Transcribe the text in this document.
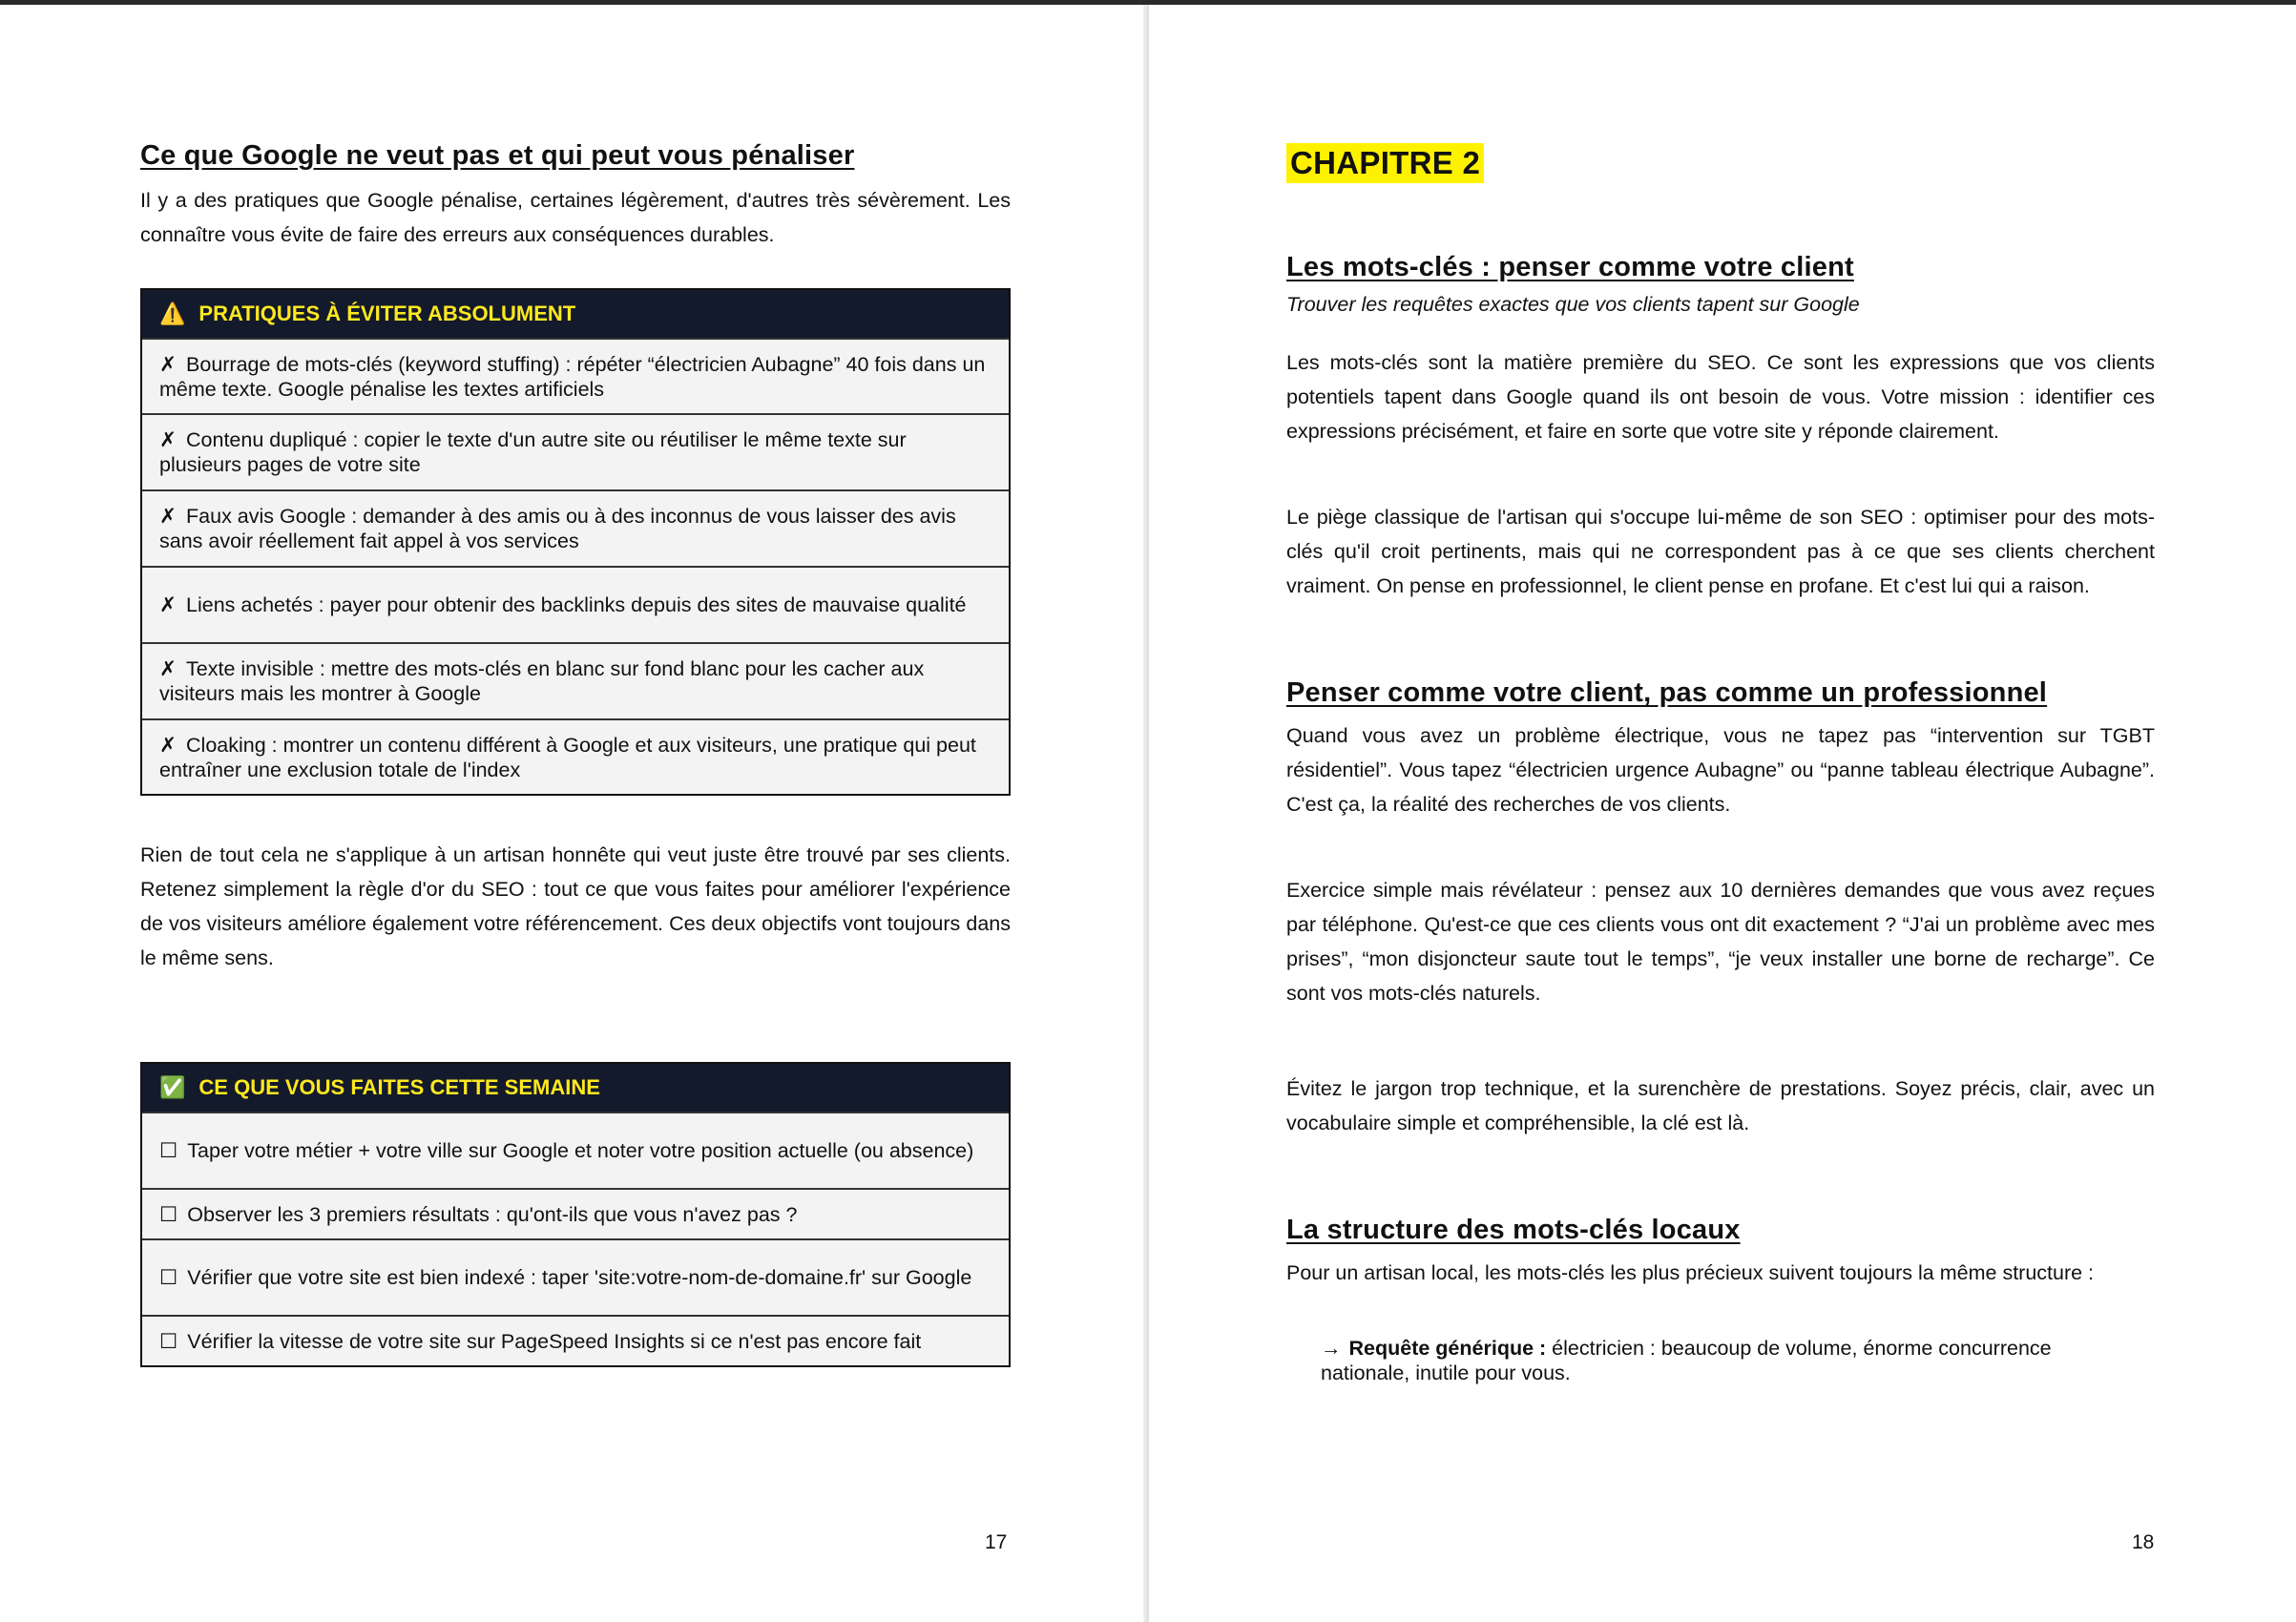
Ce que Google ne veut pas et qui peut vous pénaliser

Il y a des pratiques que Google pénalise, certaines légèrement, d'autres très sévèrement. Les connaître vous évite de faire des erreurs aux conséquences durables.

⚠️ PRATIQUES À ÉVITER ABSOLUMENT
✗ Bourrage de mots-clés (keyword stuffing) : répéter “électricien Aubagne” 40 fois dans un même texte. Google pénalise les textes artificiels
✗ Contenu dupliqué : copier le texte d'un autre site ou réutiliser le même texte sur plusieurs pages de votre site
✗ Faux avis Google : demander à des amis ou à des inconnus de vous laisser des avis sans avoir réellement fait appel à vos services
✗ Liens achetés : payer pour obtenir des backlinks depuis des sites de mauvaise qualité
✗ Texte invisible : mettre des mots-clés en blanc sur fond blanc pour les cacher aux visiteurs mais les montrer à Google
✗ Cloaking : montrer un contenu différent à Google et aux visiteurs, une pratique qui peut entraîner une exclusion totale de l'index

Rien de tout cela ne s'applique à un artisan honnête qui veut juste être trouvé par ses clients. Retenez simplement la règle d'or du SEO : tout ce que vous faites pour améliorer l'expérience de vos visiteurs améliore également votre référencement. Ces deux objectifs vont toujours dans le même sens.

✅ CE QUE VOUS FAITES CETTE SEMAINE
☐ Taper votre métier + votre ville sur Google et noter votre position actuelle (ou absence)
☐ Observer les 3 premiers résultats : qu'ont-ils que vous n'avez pas ?
☐ Vérifier que votre site est bien indexé : taper 'site:votre-nom-de-domaine.fr' sur Google
☐ Vérifier la vitesse de votre site sur PageSpeed Insights si ce n'est pas encore fait
17
CHAPITRE 2
Les mots-clés : penser comme votre client

Trouver les requêtes exactes que vos clients tapent sur Google

Les mots-clés sont la matière première du SEO. Ce sont les expressions que vos clients potentiels tapent dans Google quand ils ont besoin de vous. Votre mission : identifier ces expressions précisément, et faire en sorte que votre site y réponde clairement.

Le piège classique de l'artisan qui s'occupe lui-même de son SEO : optimiser pour des mots-clés qu'il croit pertinents, mais qui ne correspondent pas à ce que ses clients cherchent vraiment. On pense en professionnel, le client pense en profane. Et c'est lui qui a raison.

Penser comme votre client, pas comme un professionnel

Quand vous avez un problème électrique, vous ne tapez pas “intervention sur TGBT résidentiel”. Vous tapez “électricien urgence Aubagne” ou “panne tableau électrique Aubagne”. C'est ça, la réalité des recherches de vos clients.

Exercice simple mais révélateur : pensez aux 10 dernières demandes que vous avez reçues par téléphone. Qu'est-ce que ces clients vous ont dit exactement ? “J'ai un problème avec mes prises”, “mon disjoncteur saute tout le temps”, “je veux installer une borne de recharge”. Ce sont vos mots-clés naturels.

Évitez le jargon trop technique, et la surenchère de prestations. Soyez précis, clair, avec un vocabulaire simple et compréhensible, la clé est là.

La structure des mots-clés locaux

Pour un artisan local, les mots-clés les plus précieux suivent toujours la même structure :

→ Requête générique : électricien : beaucoup de volume, énorme concurrence nationale, inutile pour vous.
18
